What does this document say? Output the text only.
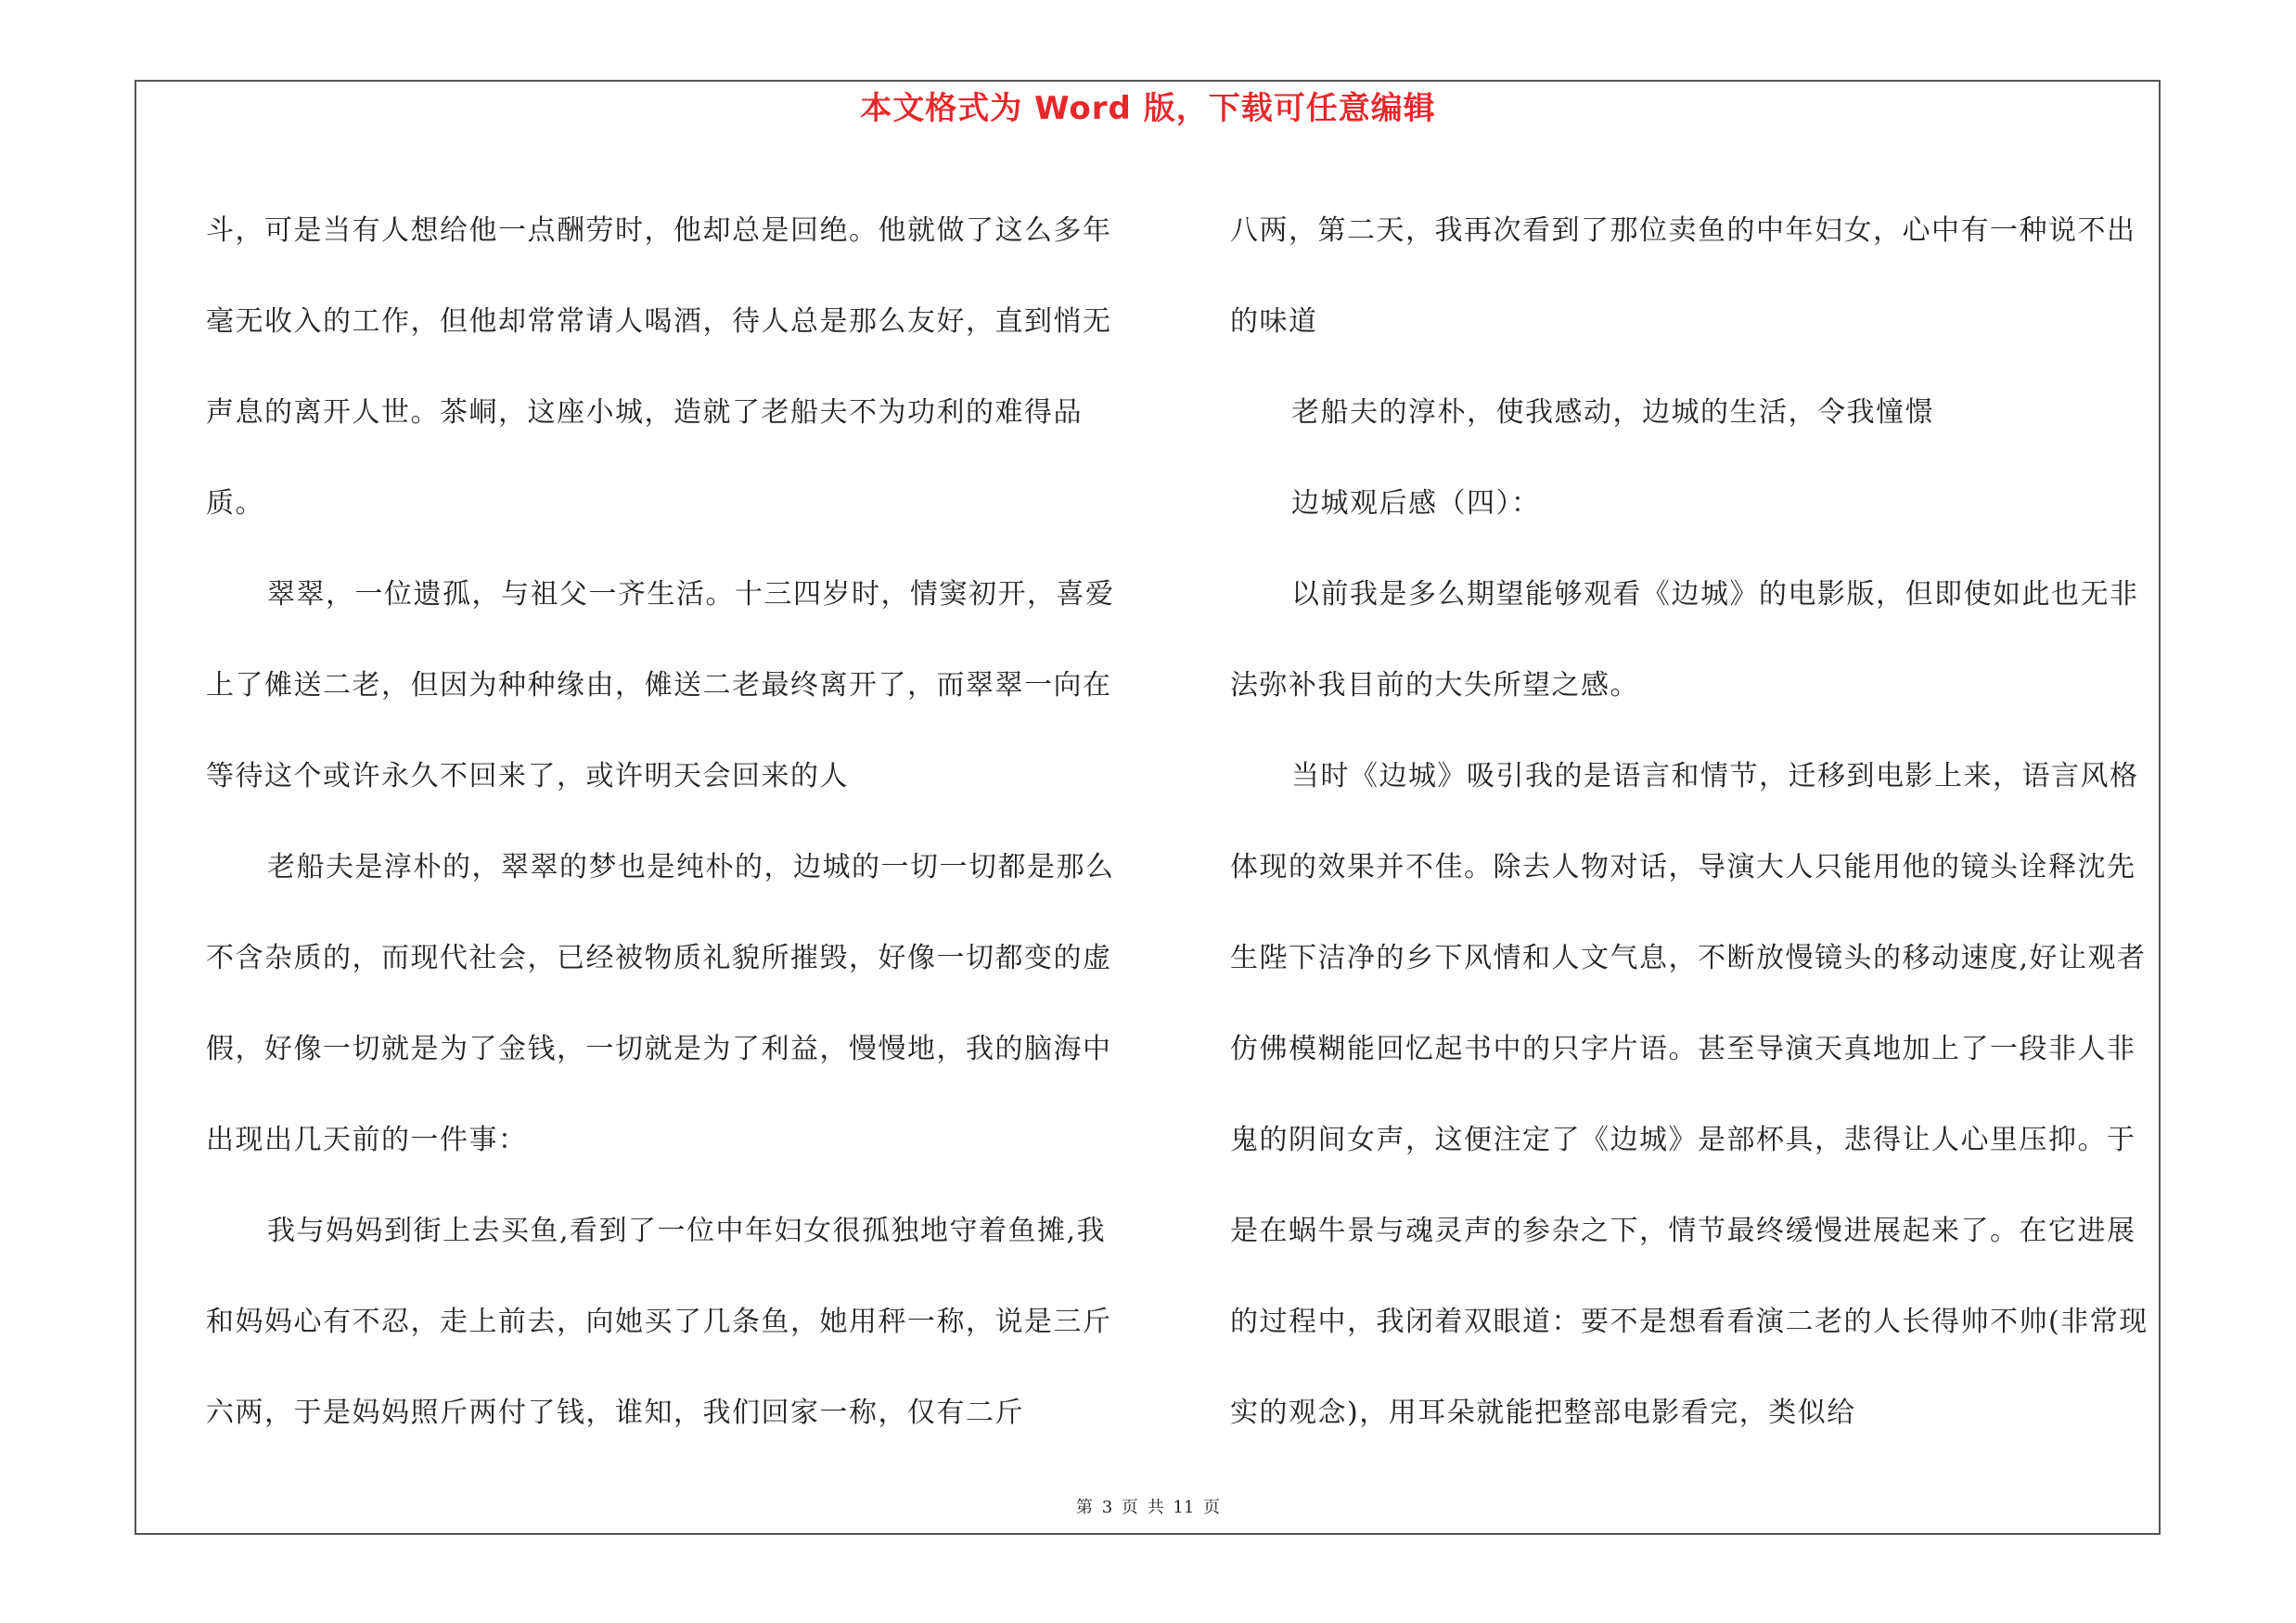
本文格式为 Word 版，下载可任意编辑

斗，可是当有人想给他一点酬劳时，他却总是回绝。他就做了这么多年毫无收入的工作，但他却常常请人喝酒，待人总是那么友好，直到悄无声息的离开人世。茶峒，这座小城，造就了老船夫不为功利的难得品质。

翠翠，一位遗孤，与祖父一齐生活。十三四岁时，情窦初开，喜爱上了傩送二老，但因为种种缘由，傩送二老最终离开了，而翠翠一向在等待这个或许永久不回来了，或许明天会回来的人

老船夫是淳朴的，翠翠的梦也是纯朴的，边城的一切一切都是那么不含杂质的，而现代社会，已经被物质礼貌所摧毁，好像一切都变的虚假，好像一切就是为了金钱，一切就是为了利益，慢慢地，我的脑海中出现出几天前的一件事：

我与妈妈到街上去买鱼,看到了一位中年妇女很孤独地守着鱼摊,我和妈妈心有不忍，走上前去，向她买了几条鱼，她用秤一称，说是三斤六两，于是妈妈照斤两付了钱，谁知，我们回家一称，仅有二斤

八两，第二天，我再次看到了那位卖鱼的中年妇女，心中有一种说不出的味道

老船夫的淳朴，使我感动，边城的生活，令我憧憬

边城观后感（四）：

以前我是多么期望能够观看《边城》的电影版，但即使如此也无非法弥补我目前的大失所望之感。

当时《边城》吸引我的是语言和情节，迁移到电影上来，语言风格体现的效果并不佳。除去人物对话，导演大人只能用他的镜头诠释沈先生陛下洁净的乡下风情和人文气息，不断放慢镜头的移动速度,好让观者仿佛模糊能回忆起书中的只字片语。甚至导演天真地加上了一段非人非鬼的阴间女声，这便注定了《边城》是部杯具，悲得让人心里压抑。于是在蜗牛景与魂灵声的参杂之下，情节最终缓慢进展起来了。在它进展的过程中，我闭着双眼道：要不是想看看演二老的人长得帅不帅(非常现实的观念)，用耳朵就能把整部电影看完，类似给

第 3 页 共 11 页
